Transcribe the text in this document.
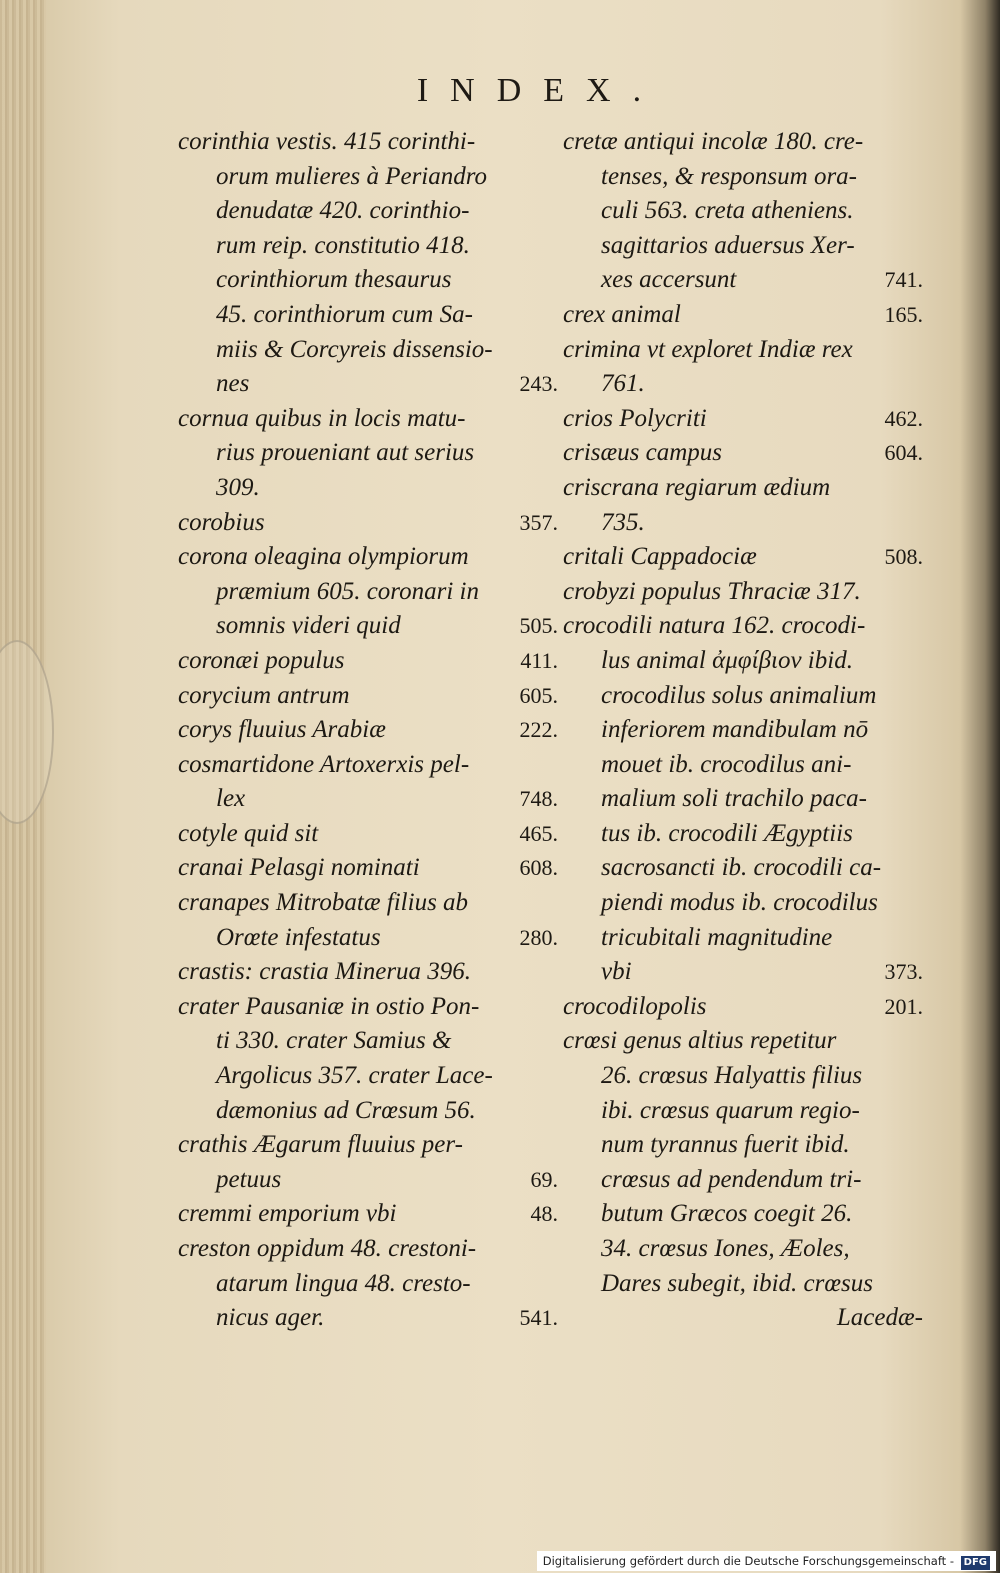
INDEX.
corinthia vestis. 415 corinthi-
orum mulieres à Periandro
denudatæ 420. corinthio-
rum reip. constitutio 418.
corinthiorum thesaurus
45. corinthiorum cum Sa-
miis & Corcyreis dissensio-
nes	243.
cornua quibus in locis matu-
rius proueniant aut serius
309.
corobius	357.
corona oleagina olympiorum
præmium 605. coronari in
somnis videri quid	505.
coronæi populus	411.
corycium antrum	605.
corys fluuius Arabiæ	222.
cosmartidone Artoxerxis pel-
lex	748.
cotyle quid sit	465.
cranai Pelasgi nominati	608.
cranapes Mitrobatæ filius ab
Orœte infestatus	280.
crastis: crastia Minerua 396.
crater Pausaniæ in ostio Pon-
ti 330. crater Samius &
Argolicus 357. crater Lace-
dæmonius ad Crœsum 56.
crathis Ægarum fluuius per-
petuus	69.
cremmi emporium vbi	48.
creston oppidum 48. crestoni-
atarum lingua 48. cresto-
nicus ager.	541.
cretæ antiqui incolæ 180. cre-
tenses, & responsum ora-
culi 563. creta atheniens.
sagittarios aduersus Xer-
xes accersunt	741.
crex animal	165.
crimina vt exploret Indiæ rex
761.
crios Polycriti	462.
crisæus campus	604.
criscrana regiarum ædium
735.
critali Cappadociæ	508.
crobyzi populus Thraciæ 317.
crocodili natura 162. crocodi-
lus animal ἀμφίβιον ibid.
crocodilus solus animalium
inferiorem mandibulam nō
mouet ib. crocodilus ani-
malium soli trachilo paca-
tus ib. crocodili Ægyptiis
sacrosancti ib. crocodili ca-
piendi modus ib. crocodilus
tricubitali magnitudine
vbi	373.
crocodilopolis	201.
crœsi genus altius repetitur
26. crœsus Halyattis filius
ibi. crœsus quarum regio-
num tyrannus fuerit ibid.
crœsus ad pendendum tri-
butum Græcos coegit 26.
34. crœsus Iones, Æoles,
Dares subegit, ibid. crœsus
Lacedæ-
Digitalisierung gefördert durch die Deutsche Forschungsgemeinschaft - DFG
